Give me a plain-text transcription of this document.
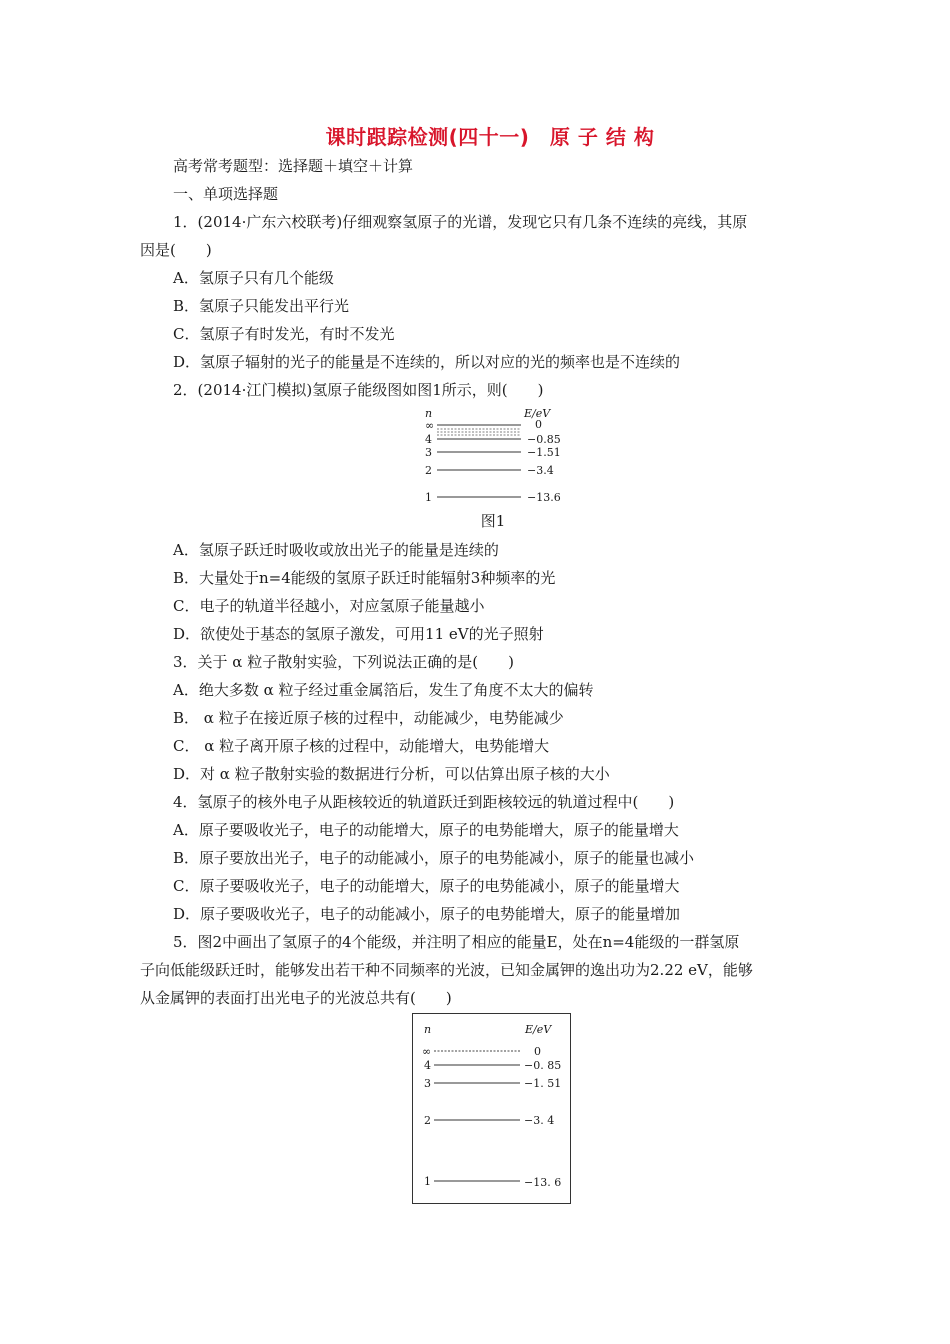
课时跟踪检测(四十一)　原 子 结 构
高考常考题型：选择题＋填空＋计算
一、单项选择题
1．(2014·广东六校联考)仔细观察氢原子的光谱，发现它只有几条不连续的亮线，其原
因是(　　)
A．氢原子只有几个能级
B．氢原子只能发出平行光
C．氢原子有时发光，有时不发光
D．氢原子辐射的光子的能量是不连续的，所以对应的光的频率也是不连续的
2．(2014·江门模拟)氢原子能级图如图1所示，则(　　)
n	E/eV
∞	0
4	−0.85
3	−1.51
2	−3.4
1	−13.6
图1
A．氢原子跃迁时吸收或放出光子的能量是连续的
B．大量处于n=4能级的氢原子跃迁时能辐射3种频率的光
C．电子的轨道半径越小，对应氢原子能量越小
D．欲使处于基态的氢原子激发，可用11 eV的光子照射
3．关于 α 粒子散射实验，下列说法正确的是(　　)
A．绝大多数 α 粒子经过重金属箔后，发生了角度不太大的偏转
B． α 粒子在接近原子核的过程中，动能减少，电势能减少
C． α 粒子离开原子核的过程中，动能增大，电势能增大
D．对 α 粒子散射实验的数据进行分析，可以估算出原子核的大小
4．氢原子的核外电子从距核较近的轨道跃迁到距核较远的轨道过程中(　　)
A．原子要吸收光子，电子的动能增大，原子的电势能增大，原子的能量增大
B．原子要放出光子，电子的动能减小，原子的电势能减小，原子的能量也减小
C．原子要吸收光子，电子的动能增大，原子的电势能减小，原子的能量增大
D．原子要吸收光子，电子的动能减小，原子的电势能增大，原子的能量增加
5．图2中画出了氢原子的4个能级，并注明了相应的能量E，处在n=4能级的一群氢原
子向低能级跃迁时，能够发出若干种不同频率的光波，已知金属钾的逸出功为2.22 eV，能够
从金属钾的表面打出光电子的光波总共有(　　)
n	E/eV
∞	0
4	−0. 85
3	−1. 51
2	−3. 4
1	−13. 6
